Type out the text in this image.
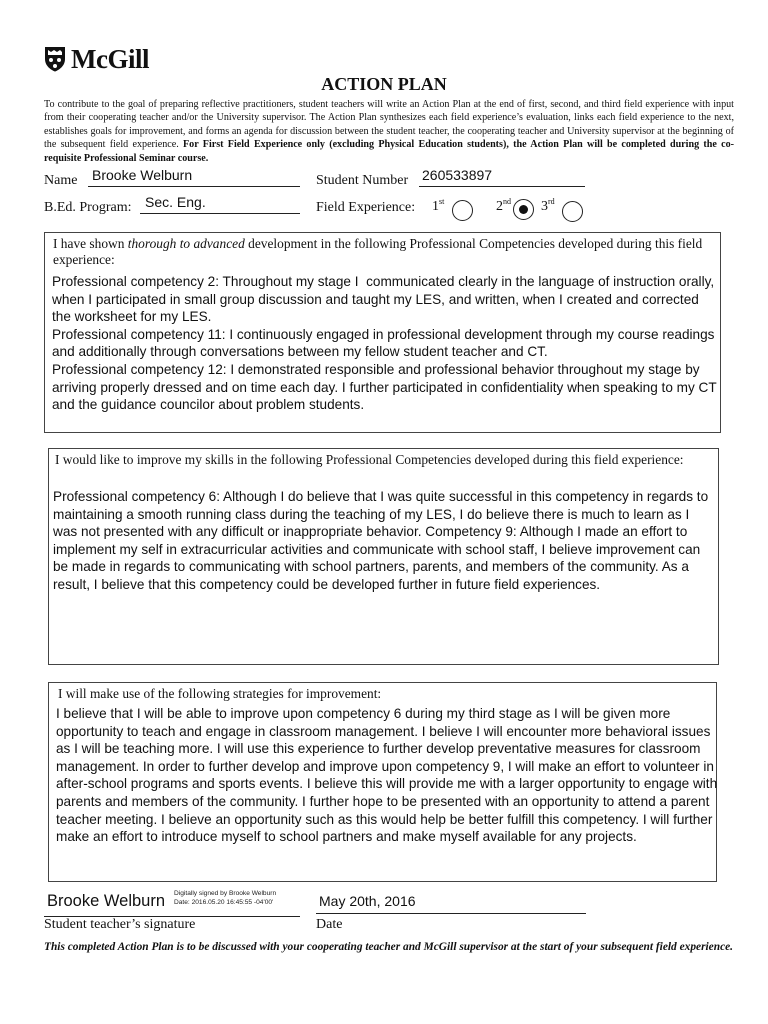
McGill
ACTION PLAN
To contribute to the goal of preparing reflective practitioners, student teachers will write an Action Plan at the end of first, second, and third field experience with input from their cooperating teacher and/or the University supervisor. The Action Plan synthesizes each field experience’s evaluation, links each field experience to the next, establishes goals for improvement, and forms an agenda for discussion between the student teacher, the cooperating teacher and University supervisor at the beginning of the subsequent field experience. For First Field Experience only (excluding Physical Education students), the Action Plan will be completed during the co-requisite Professional Seminar course.
Name Brooke Welburn	Student Number 260533897
B.Ed. Program: Sec. Eng.	Field Experience: 1st	2nd 3rd
I have shown thorough to advanced development in the following Professional Competencies developed during this field experience:
Professional competency 2: Throughout my stage I  communicated clearly in the language of instruction orally, when I participated in small group discussion and taught my LES, and written, when I created and corrected the worksheet for my LES.
Professional competency 11: I continuously engaged in professional development through my course readings and additionally through conversations between my fellow student teacher and CT.
Professional competency 12: I demonstrated responsible and professional behavior throughout my stage by arriving properly dressed and on time each day. I further participated in confidentiality when speaking to my CT and the guidance councilor about problem students.
I would like to improve my skills in the following Professional Competencies developed during this field experience:
Professional competency 6: Although I do believe that I was quite successful in this competency in regards to maintaining a smooth running class during the teaching of my LES, I do believe there is much to learn as I was not presented with any difficult or inappropriate behavior. Competency 9: Although I made an effort to implement my self in extracurricular activities and communicate with school staff, I believe improvement can be made in regards to communicating with school partners, parents, and members of the community. As a result, I believe that this competency could be developed further in future field experiences.
I will make use of the following strategies for improvement:
I believe that I will be able to improve upon competency 6 during my third stage as I will be given more opportunity to teach and engage in classroom management. I believe I will encounter more behavioral issues as I will be teaching more. I will use this experience to further develop preventative measures for classroom management. In order to further develop and improve upon competency 9, I will make an effort to volunteer in after-school programs and sports events. I believe this will provide me with a larger opportunity to engage with parents and members of the community. I further hope to be presented with an opportunity to attend a parent teacher meeting. I believe an opportunity such as this would help be better fulfill this competency. I will further make an effort to introduce myself to school partners and make myself available for any projects.
Brooke Welburn Digitally signed by Brooke Welburn
Date: 2016.05.20 16:45:55 -04'00'
Student teacher’s signature
May 20th, 2016
Date
This completed Action Plan is to be discussed with your cooperating teacher and McGill supervisor at the start of your subsequent field experience.
